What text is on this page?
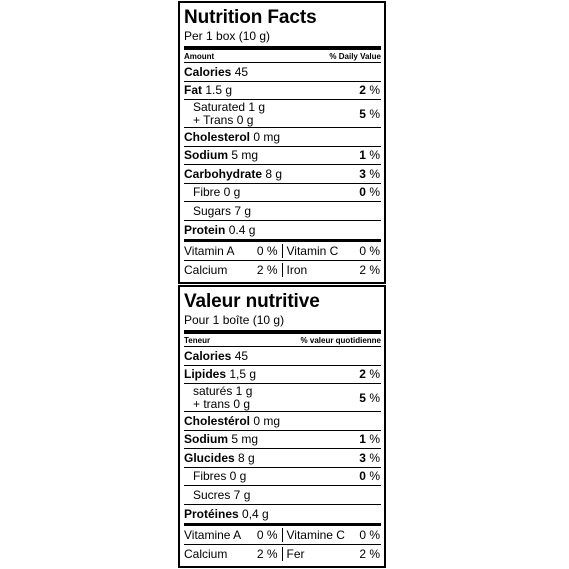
Nutrition Facts
Per 1 box (10 g)
Amount	% Daily Value
Calories 45
Fat 1.5 g	2 %
Saturated 1 g
+ Trans 0 g	5 %
Cholesterol 0 mg
Sodium 5 mg	1 %
Carbohydrate 8 g	3 %
Fibre 0 g	0 %
Sugars 7 g
Protein 0.4 g
Vitamin A 0 % Vitamin C 0 %
Calcium 2 % Iron	2 %
Valeur nutritive
Pour 1 boîte (10 g)
Teneur	% valeur quotidienne
Calories 45
Lipides 1,5 g	2 %
saturés 1 g
+ trans 0 g	5 %
Cholestérol 0 mg
Sodium 5 mg	1 %
Glucides 8 g	3 %
Fibres 0 g	0 %
Sucres 7 g
Protéines 0,4 g
Vitamine A 0 % Vitamine C 0 %
Calcium 2 % Fer	2 %
